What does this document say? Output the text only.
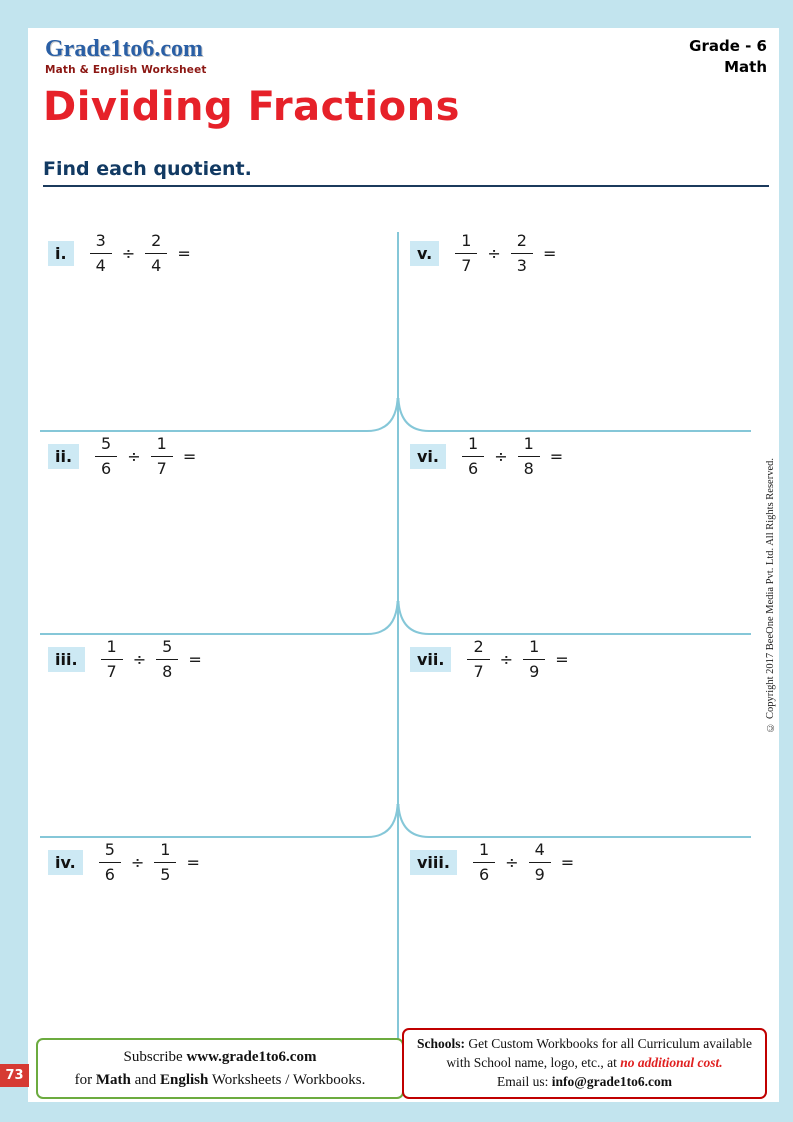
Grade1to6.com
Math & English Worksheet
Grade - 6
Math
Dividing Fractions
Find each quotient.
i.	$\frac{3}{4} \div \frac{2}{4}$ =
ii.	$\frac{5}{6} \div \frac{1}{7}$ =
iii.	$\frac{1}{7} \div \frac{5}{8}$ =
iv.	$\frac{5}{6} \div \frac{1}{5}$ =
v.	$\frac{1}{7} \div \frac{2}{3}$ =
vi.	$\frac{1}{6} \div \frac{1}{8}$ =
vii.	$\frac{2}{7} \div \frac{1}{9}$ =
viii.	$\frac{1}{6} \div \frac{4}{9}$ =
© Copyright 2017 BeeOne Media Pvt. Ltd. All Rights Reserved.
Subscribe www.grade1to6.com
for Math and English Worksheets / Workbooks.
Schools: Get Custom Workbooks for all Curriculum available
with School name, logo, etc., at no additional cost.
Email us: info@grade1to6.com
73
